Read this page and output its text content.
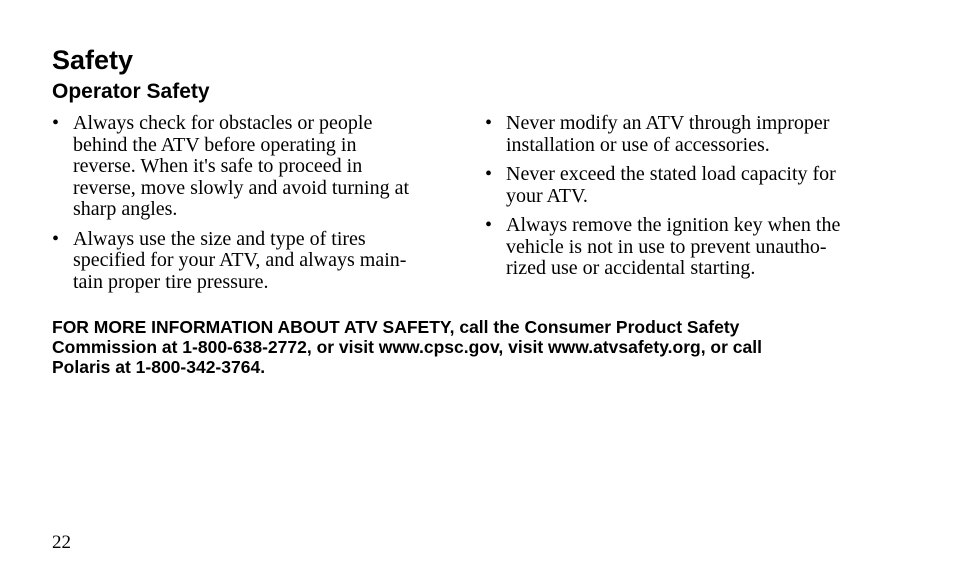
Safety
Operator Safety
• Always check for obstacles or people
behind the ATV before operating in
reverse. When it's safe to proceed in
reverse, move slowly and avoid turning at
sharp angles.
• Always use the size and type of tires
specified for your ATV, and always main-
tain proper tire pressure.
• Never modify an ATV through improper
installation or use of accessories.
• Never exceed the stated load capacity for
your ATV.
• Always remove the ignition key when the
vehicle is not in use to prevent unautho-
rized use or accidental starting.
FOR MORE INFORMATION ABOUT ATV SAFETY, call the Consumer Product Safety
Commission at 1-800-638-2772, or visit www.cpsc.gov, visit www.atvsafety.org, or call
Polaris at 1-800-342-3764.
22
